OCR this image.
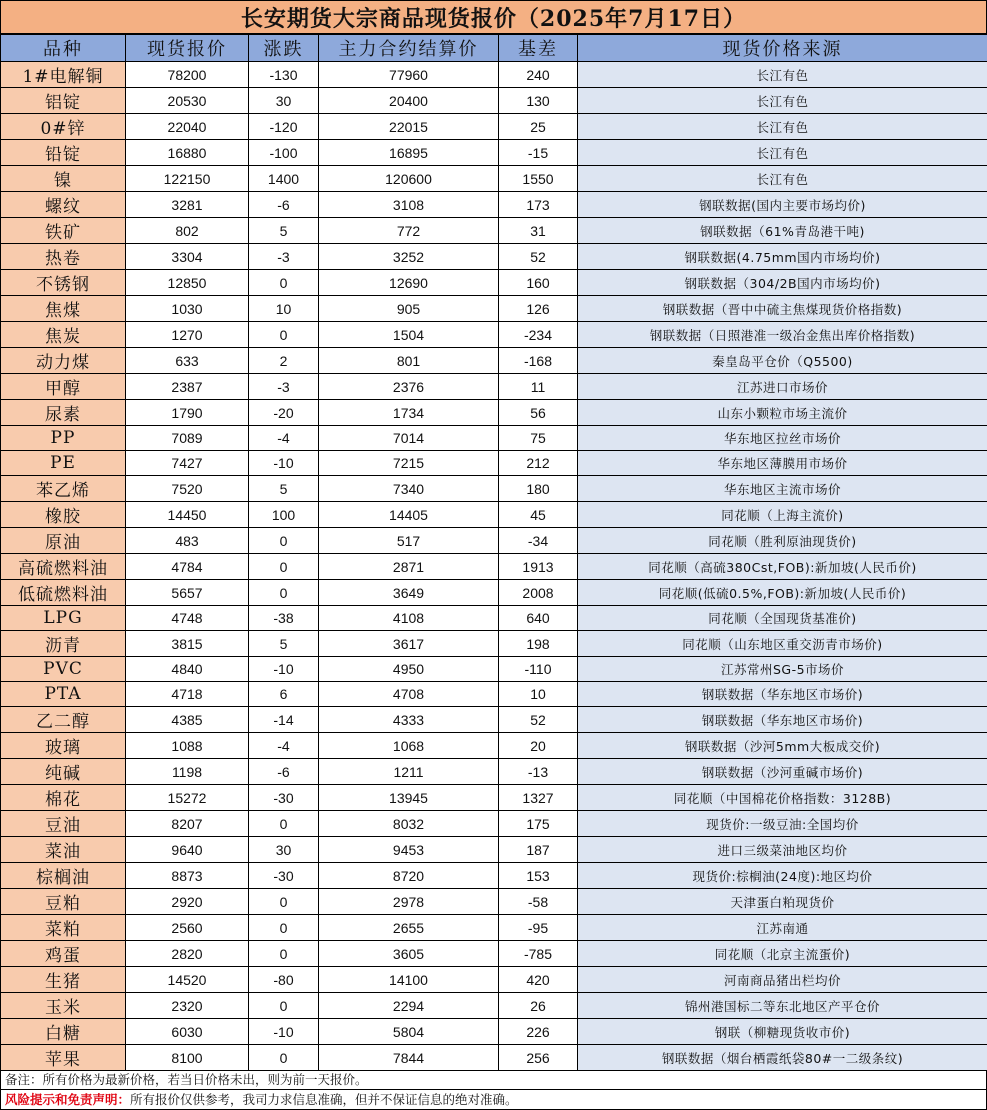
长安期货大宗商品现货报价（2025年7月17日）
品种	现货报价	涨跌	主力合约结算价	基差	现货价格来源
1#电解铜	78200	-130	77960	240	长江有色
铝锭	20530	30	20400	130	长江有色
0#锌	22040	-120	22015	25	长江有色
铅锭	16880	-100	16895	-15	长江有色
镍	122150	1400	120600	1550	长江有色
螺纹	3281	-6	3108	173	钢联数据(国内主要市场均价)
铁矿	802	5	772	31	钢联数据（61%青岛港干吨)
热卷	3304	-3	3252	52	钢联数据(4.75mm国内市场均价)
不锈钢	12850	0	12690	160	钢联数据（304/2B国内市场均价)
焦煤	1030	10	905	126	钢联数据（晋中中硫主焦煤现货价格指数)
焦炭	1270	0	1504	-234	钢联数据（日照港准一级冶金焦出库价格指数)
动力煤	633	2	801	-168	秦皇岛平仓价（Q5500)
甲醇	2387	-3	2376	11	江苏进口市场价
尿素	1790	-20	1734	56	山东小颗粒市场主流价
PP	7089	-4	7014	75	华东地区拉丝市场价
PE	7427	-10	7215	212	华东地区薄膜用市场价
苯乙烯	7520	5	7340	180	华东地区主流市场价
橡胶	14450	100	14405	45	同花顺（上海主流价)
原油	483	0	517	-34	同花顺（胜利原油现货价)
高硫燃料油	4784	0	2871	1913	同花顺（高硫380Cst,FOB):新加坡(人民币价)
低硫燃料油	5657	0	3649	2008	同花顺(低硫0.5%,FOB):新加坡(人民币价)
LPG	4748	-38	4108	640	同花顺（全国现货基准价)
沥青	3815	5	3617	198	同花顺（山东地区重交沥青市场价)
PVC	4840	-10	4950	-110	江苏常州SG-5市场价
PTA	4718	6	4708	10	钢联数据（华东地区市场价)
乙二醇	4385	-14	4333	52	钢联数据（华东地区市场价)
玻璃	1088	-4	1068	20	钢联数据（沙河5mm大板成交价)
纯碱	1198	-6	1211	-13	钢联数据（沙河重碱市场价)
棉花	15272	-30	13945	1327	同花顺（中国棉花价格指数：3128B)
豆油	8207	0	8032	175	现货价:一级豆油:全国均价
菜油	9640	30	9453	187	进口三级菜油地区均价
棕榈油	8873	-30	8720	153	现货价:棕榈油(24度):地区均价
豆粕	2920	0	2978	-58	天津蛋白粕现货价
菜粕	2560	0	2655	-95	江苏南通
鸡蛋	2820	0	3605	-785	同花顺（北京主流蛋价)
生猪	14520	-80	14100	420	河南商品猪出栏均价
玉米	2320	0	2294	26	锦州港国标二等东北地区产平仓价
白糖	6030	-10	5804	226	钢联（柳糖现货收市价)
苹果	8100	0	7844	256	钢联数据（烟台栖霞纸袋80#一二级条纹)
备注：所有价格为最新价格，若当日价格未出，则为前一天报价。
风险提示和免责声明：所有报价仅供参考，我司力求信息准确，但并不保证信息的绝对准确。
